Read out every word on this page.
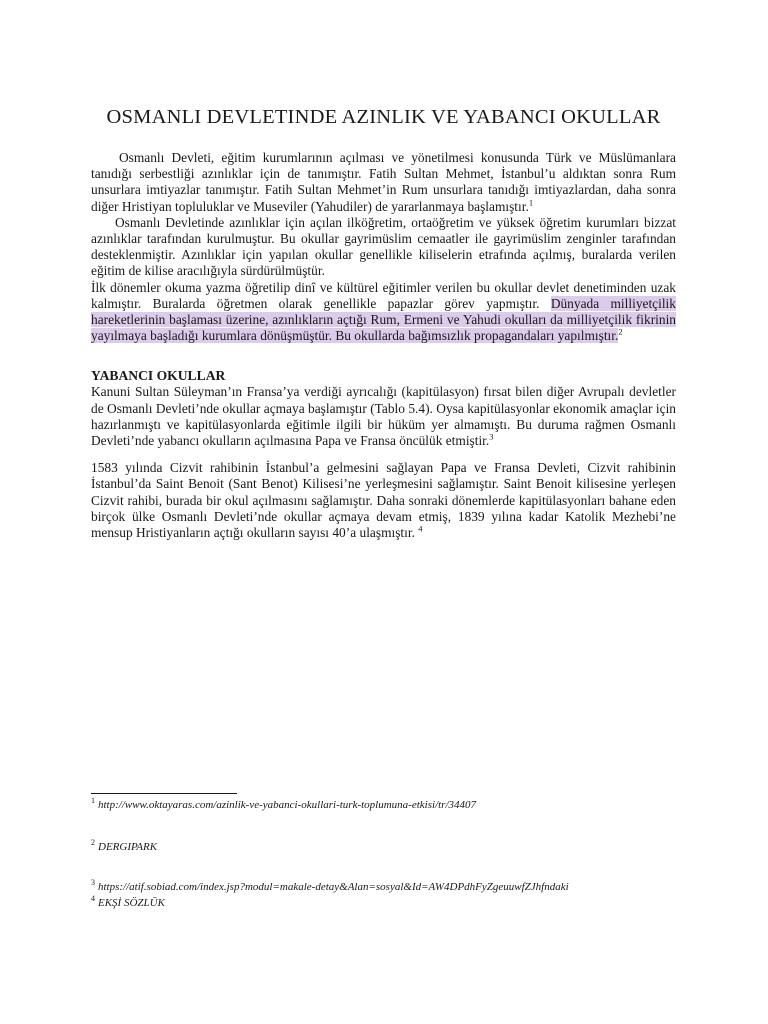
OSMANLI DEVLETINDE AZINLIK VE YABANCI OKULLAR

Osmanlı Devleti, eğitim kurumlarının açılması ve yönetilmesi konusunda Türk ve Müslümanlara tanıdığı serbestliği azınlıklar için de tanımıştır. Fatih Sultan Mehmet, İstanbul’u aldıktan sonra Rum unsurlara imtiyazlar tanımıştır. Fatih Sultan Mehmet’in Rum unsurlara tanıdığı imtiyazlardan, daha sonra diğer Hristiyan topluluklar ve Museviler (Yahudiler) de yararlanmaya başlamıştır.$^1$

Osmanlı Devletinde azınlıklar için açılan ilköğretim, ortaöğretim ve yüksek öğretim kurumları bizzat azınlıklar tarafından kurulmuştur. Bu okullar gayrimüslim cemaatler ile gayrimüslim zenginler tarafından desteklenmiştir. Azınlıklar için yapılan okullar genellikle kiliselerin etrafında açılmış, buralarda verilen eğitim de kilise aracılığıyla sürdürülmüştür.

İlk dönemler okuma yazma öğretilip dinî ve kültürel eğitimler verilen bu okullar devlet denetiminden uzak kalmıştır. Buralarda öğretmen olarak genellikle papazlar görev yapmıştır. Dünyada milliyetçilik hareketlerinin başlaması üzerine, azınlıkların açtığı Rum, Ermeni ve Yahudi okulları da milliyetçilik fikrinin yayılmaya başladığı kurumlara dönüşmüştür. Bu okullarda bağımsızlık propagandaları yapılmıştır.$^2$

YABANCI OKULLAR

Kanuni Sultan Süleyman’ın Fransa’ya verdiği ayrıcalığı (kapitülasyon) fırsat bilen diğer Avrupalı devletler de Osmanlı Devleti’nde okullar açmaya başlamıştır (Tablo 5.4). Oysa kapitülasyonlar ekonomik amaçlar için hazırlanmıştı ve kapitülasyonlarda eğitimle ilgili bir hüküm yer almamıştı. Bu duruma rağmen Osmanlı Devleti’nde yabancı okulların açılmasına Papa ve Fransa öncülük etmiştir.$^3$

1583 yılında Cizvit rahibinin İstanbul’a gelmesini sağlayan Papa ve Fransa Devleti, Cizvit rahibinin İstanbul’da Saint Benoit (Sant Benot) Kilisesi’ne yerleşmesini sağlamıştır. Saint Benoit kilisesine yerleşen Cizvit rahibi, burada bir okul açılmasını sağlamıştır. Daha sonraki dönemlerde kapitülasyonları bahane eden birçok ülke Osmanlı Devleti’nde okullar açmaya devam etmiş, 1839 yılına kadar Katolik Mezhebi’ne mensup Hristiyanların açtığı okulların sayısı 40’a ulaşmıştır. $^4$

$^1$ http://www.oktayaras.com/azinlik-ve-yabanci-okullari-turk-toplumuna-etkisi/tr/34407
$^2$ DERGIPARK
$^3$ https://atif.sobiad.com/index.jsp?modul=makale-detay&Alan=sosyal&Id=AW4DPdhFyZgeuuwfZJhfndaki
$^4$ EKŞİ SÖZLÜK
